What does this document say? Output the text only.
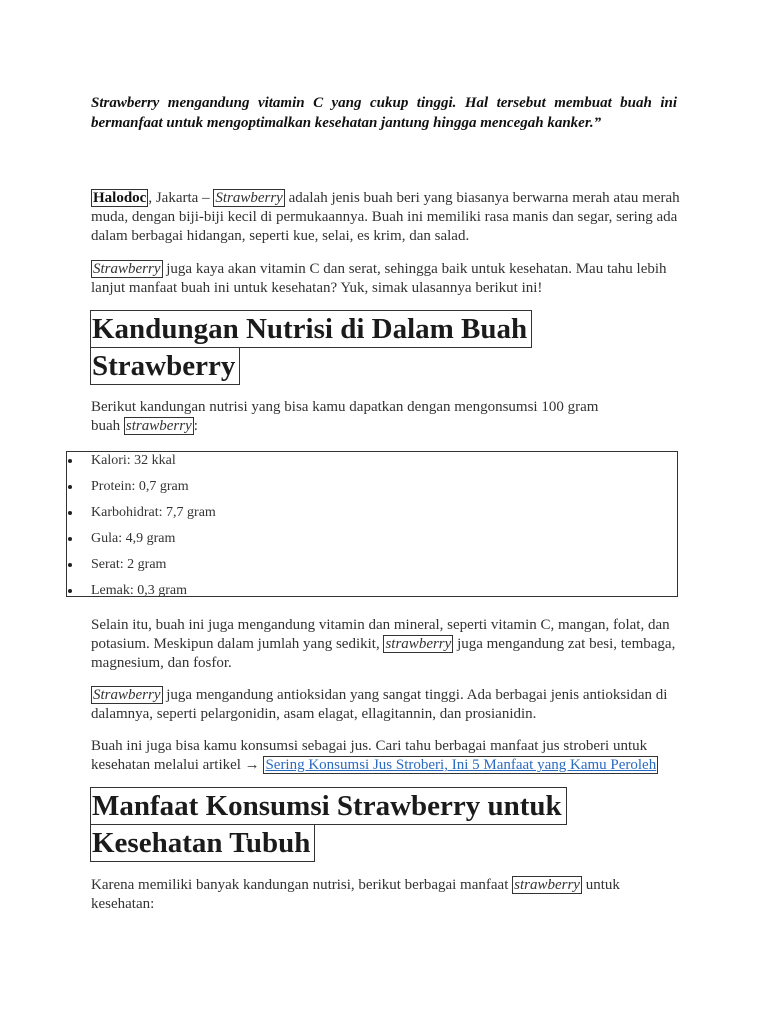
Strawberry mengandung vitamin C yang cukup tinggi. Hal tersebut membuat buah ini
bermanfaat untuk mengoptimalkan kesehatan jantung hingga mencegah kanker.”

Halodoc , Jakarta – Strawberry adalah jenis buah beri yang biasanya berwarna merah atau merah muda, dengan biji-biji kecil di permukaannya. Buah ini memiliki rasa manis dan segar, sering ada dalam berbagai hidangan, seperti kue, selai, es krim, dan salad.

Strawberry juga kaya akan vitamin C dan serat, sehingga baik untuk kesehatan. Mau tahu lebih lanjut manfaat buah ini untuk kesehatan? Yuk, simak ulasannya berikut ini!

Kandungan Nutrisi di Dalam Buah
Strawberry

Berikut kandungan nutrisi yang bisa kamu dapatkan dengan mengonsumsi 100 gram buah strawberry :

Kalori: 32 kkal
Protein: 0,7 gram
Karbohidrat: 7,7 gram
Gula: 4,9 gram
Serat: 2 gram
Lemak: 0,3 gram

Selain itu, buah ini juga mengandung vitamin dan mineral, seperti vitamin C, mangan, folat, dan potasium. Meskipun dalam jumlah yang sedikit, strawberry juga mengandung zat besi, tembaga, magnesium, dan fosfor.

Strawberry juga mengandung antioksidan yang sangat tinggi. Ada berbagai jenis antioksidan di dalamnya, seperti pelargonidin, asam elagat, ellagitannin, dan prosianidin.

Buah ini juga bisa kamu konsumsi sebagai jus. Cari tahu berbagai manfaat jus stroberi untuk kesehatan melalui artikel → Sering Konsumsi Jus Stroberi, Ini 5 Manfaat yang Kamu Peroleh

Manfaat Konsumsi Strawberry untuk
Kesehatan Tubuh

Karena memiliki banyak kandungan nutrisi, berikut berbagai manfaat strawberry untuk kesehatan:
